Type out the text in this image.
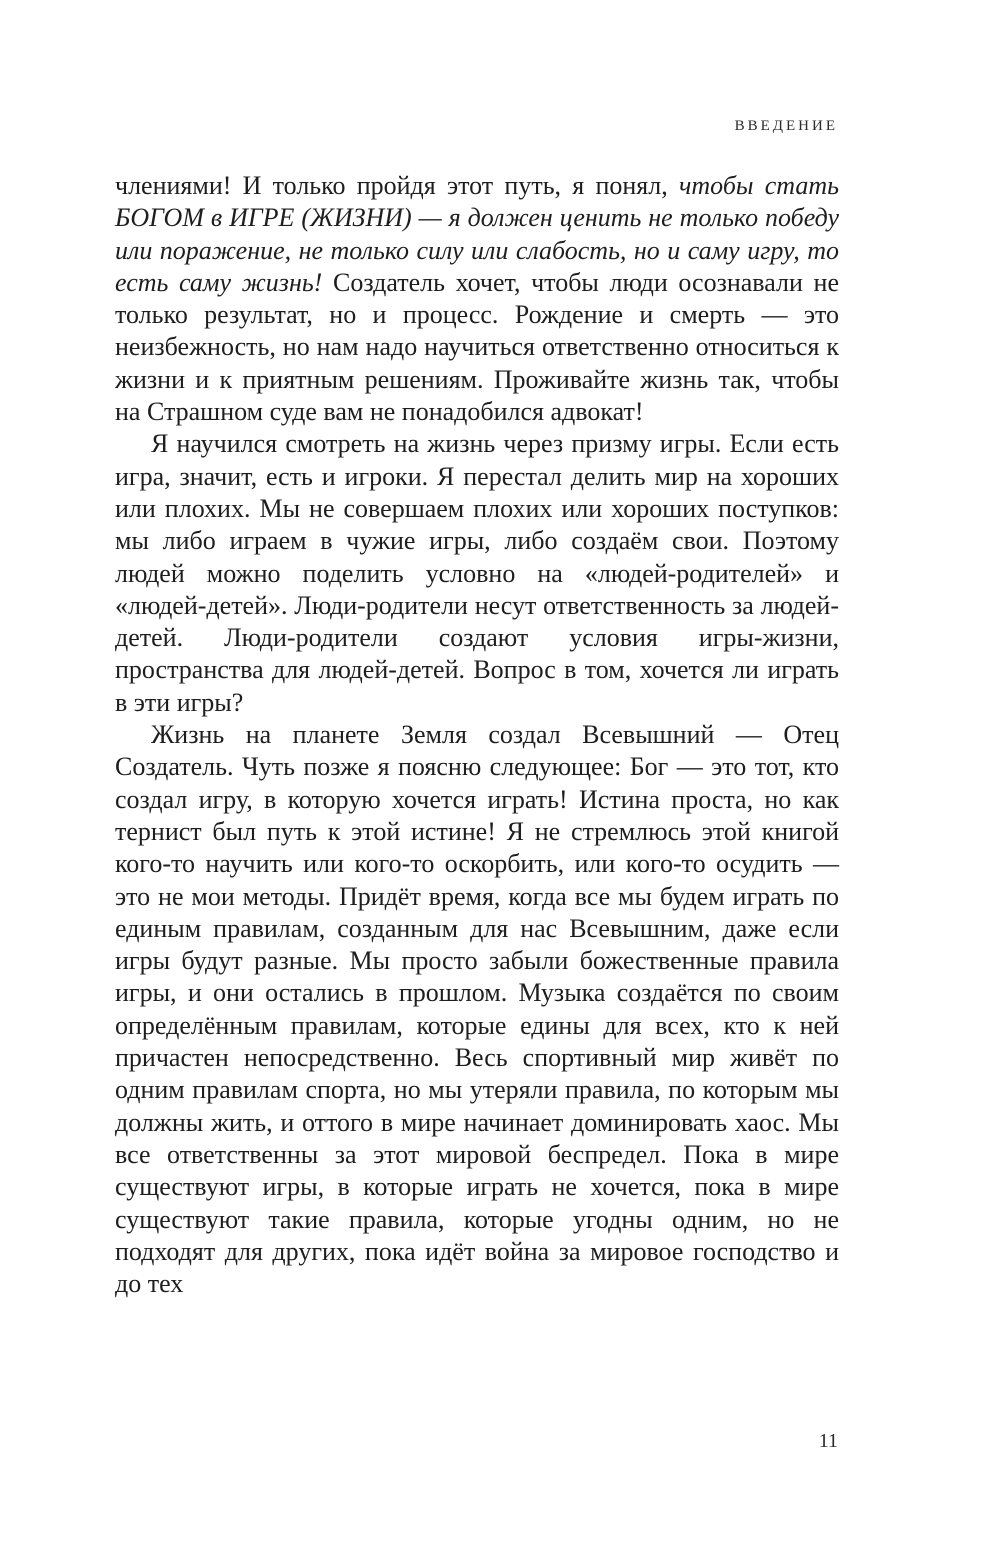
ВВЕДЕНИЕ

члениями! И только пройдя этот путь, я понял, чтобы стать БОГОМ в ИГРЕ (ЖИЗНИ) — я должен ценить не только победу или поражение, не только силу или слабость, но и саму игру, то есть саму жизнь! Создатель хочет, чтобы люди осознавали не только результат, но и процесс. Рождение и смерть — это неизбежность, но нам надо научиться ответственно относиться к жизни и к приятным решениям. Проживайте жизнь так, чтобы на Страшном суде вам не понадобился адвокат!

Я научился смотреть на жизнь через призму игры. Если есть игра, значит, есть и игроки. Я перестал делить мир на хороших или плохих. Мы не совершаем плохих или хороших поступков: мы либо играем в чужие игры, либо создаём свои. Поэтому людей можно поделить условно на «людей-родителей» и «людей-детей». Люди-родители несут ответственность за людей-детей. Люди-родители создают условия игры-жизни, пространства для людей-детей. Вопрос в том, хочется ли играть в эти игры?

Жизнь на планете Земля создал Всевышний — Отец Создатель. Чуть позже я поясню следующее: Бог — это тот, кто создал игру, в которую хочется играть! Истина проста, но как тернист был путь к этой истине! Я не стремлюсь этой книгой кого-то научить или кого-то оскорбить, или кого-то осудить — это не мои методы. Придёт время, когда все мы будем играть по единым правилам, созданным для нас Всевышним, даже если игры будут разные. Мы просто забыли божественные правила игры, и они остались в прошлом. Музыка создаётся по своим определённым правилам, которые едины для всех, кто к ней причастен непосредственно. Весь спортивный мир живёт по одним правилам спорта, но мы утеряли правила, по которым мы должны жить, и оттого в мире начинает доминировать хаос. Мы все ответственны за этот мировой беспредел. Пока в мире существуют игры, в которые играть не хочется, пока в мире существуют такие правила, которые угодны одним, но не подходят для других, пока идёт война за мировое господство и до тех

11
